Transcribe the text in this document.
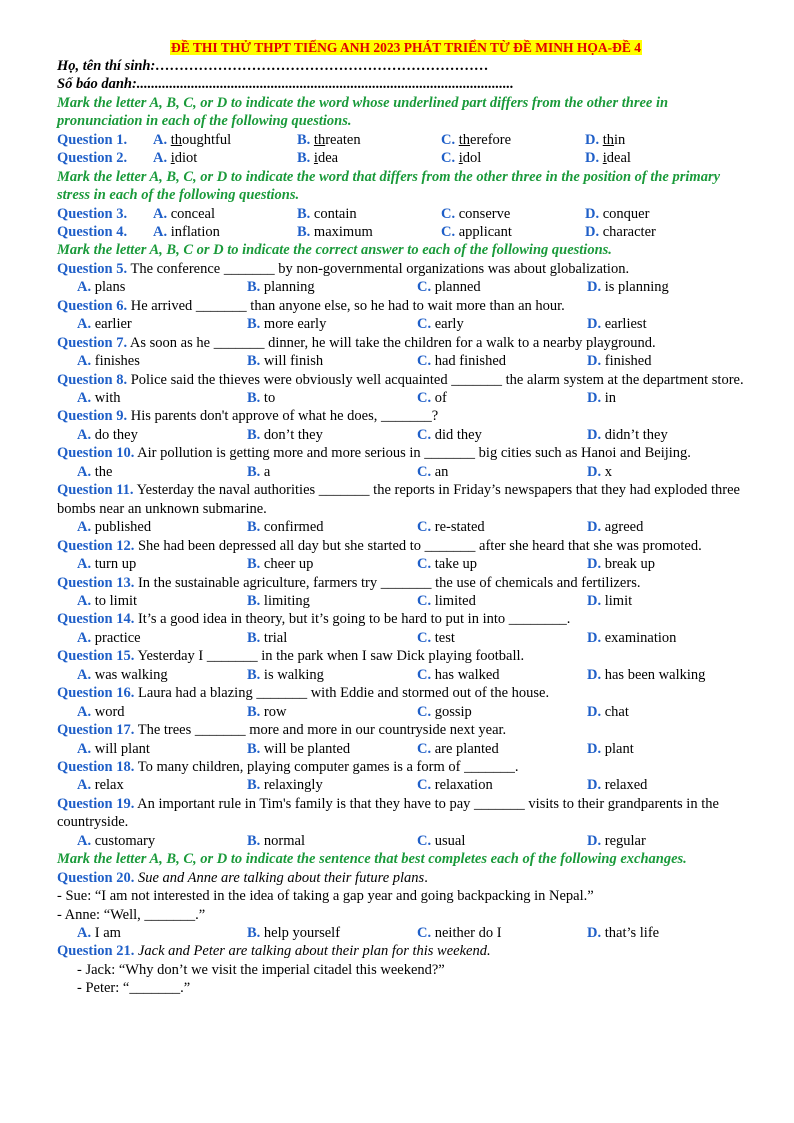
ĐỀ THI THỬ THPT TIẾNG ANH 2023 PHÁT TRIỂN TỪ ĐỀ MINH HỌA-ĐỀ 4
Họ, tên thí sinh:……………………………………………………………
Số báo danh:........................................................................................................
Mark the letter A, B, C, or D to indicate the word whose underlined part differs from the other three in pronunciation in each of the following questions.
Question 1. A. thoughtful	B. threaten	C. therefore	D. thin
Question 2. A. idiot	B. idea	C. idol	D. ideal
Mark the letter A, B, C, or D to indicate the word that differs from the other three in the position of the primary stress in each of the following questions.
Question 3. A. conceal	B. contain	C. conserve	D. conquer
Question 4. A. inflation	B. maximum	C. applicant	D. character
Mark the letter A, B, C or D to indicate the correct answer to each of the following questions.
Question 5. The conference _______ by non-governmental organizations was about globalization.
A. plans	B. planning	C. planned	D. is planning
Question 6. He arrived _______ than anyone else, so he had to wait more than an hour.
A. earlier	B. more early	C. early	D. earliest
Question 7. As soon as he _______ dinner, he will take the children for a walk to a nearby playground.
A. finishes	B. will finish	C. had finished	D. finished
Question 8. Police said the thieves were obviously well acquainted _______ the alarm system at the department store.
A. with	B. to	C. of	D. in
Question 9. His parents don't approve of what he does, _______?
A. do they	B. don’t they	C. did they	D. didn’t they
Question 10. Air pollution is getting more and more serious in _______ big cities such as Hanoi and Beijing.
A. the	B. a	C. an	D. x
Question 11. Yesterday the naval authorities _______ the reports in Friday’s newspapers that they had exploded three bombs near an unknown submarine.
A. published	B. confirmed	C. re-stated	D. agreed
Question 12. She had been depressed all day but she started to _______ after she heard that she was promoted.
A. turn up	B. cheer up	C. take up	D. break up
Question 13. In the sustainable agriculture, farmers try _______ the use of chemicals and fertilizers.
A. to limit	B. limiting	C. limited	D. limit
Question 14. It’s a good idea in theory, but it’s going to be hard to put in into ________.
A. practice	B. trial	C. test	D. examination
Question 15. Yesterday I _______ in the park when I saw Dick playing football.
A. was walking	B. is walking	C. has walked	D. has been walking
Question 16. Laura had a blazing _______ with Eddie and stormed out of the house.
A. word	B. row	C. gossip	D. chat
Question 17. The trees _______ more and more in our countryside next year.
A. will plant	B. will be planted	C. are planted	D. plant
Question 18. To many children, playing computer games is a form of _______.
A. relax	B. relaxingly	C. relaxation	D. relaxed
Question 19. An important rule in Tim's family is that they have to pay _______ visits to their grandparents in the countryside.
A. customary	B. normal	C. usual	D. regular
Mark the letter A, B, C, or D to indicate the sentence that best completes each of the following exchanges.
Question 20. Sue and Anne are talking about their future plans.
- Sue: “I am not interested in the idea of taking a gap year and going backpacking in Nepal.”
- Anne: “Well, _______.”
A. I am	B. help yourself	C. neither do I	D. that’s life
Question 21. Jack and Peter are talking about their plan for this weekend.
- Jack: “Why don’t we visit the imperial citadel this weekend?”
- Peter: “_______.”
